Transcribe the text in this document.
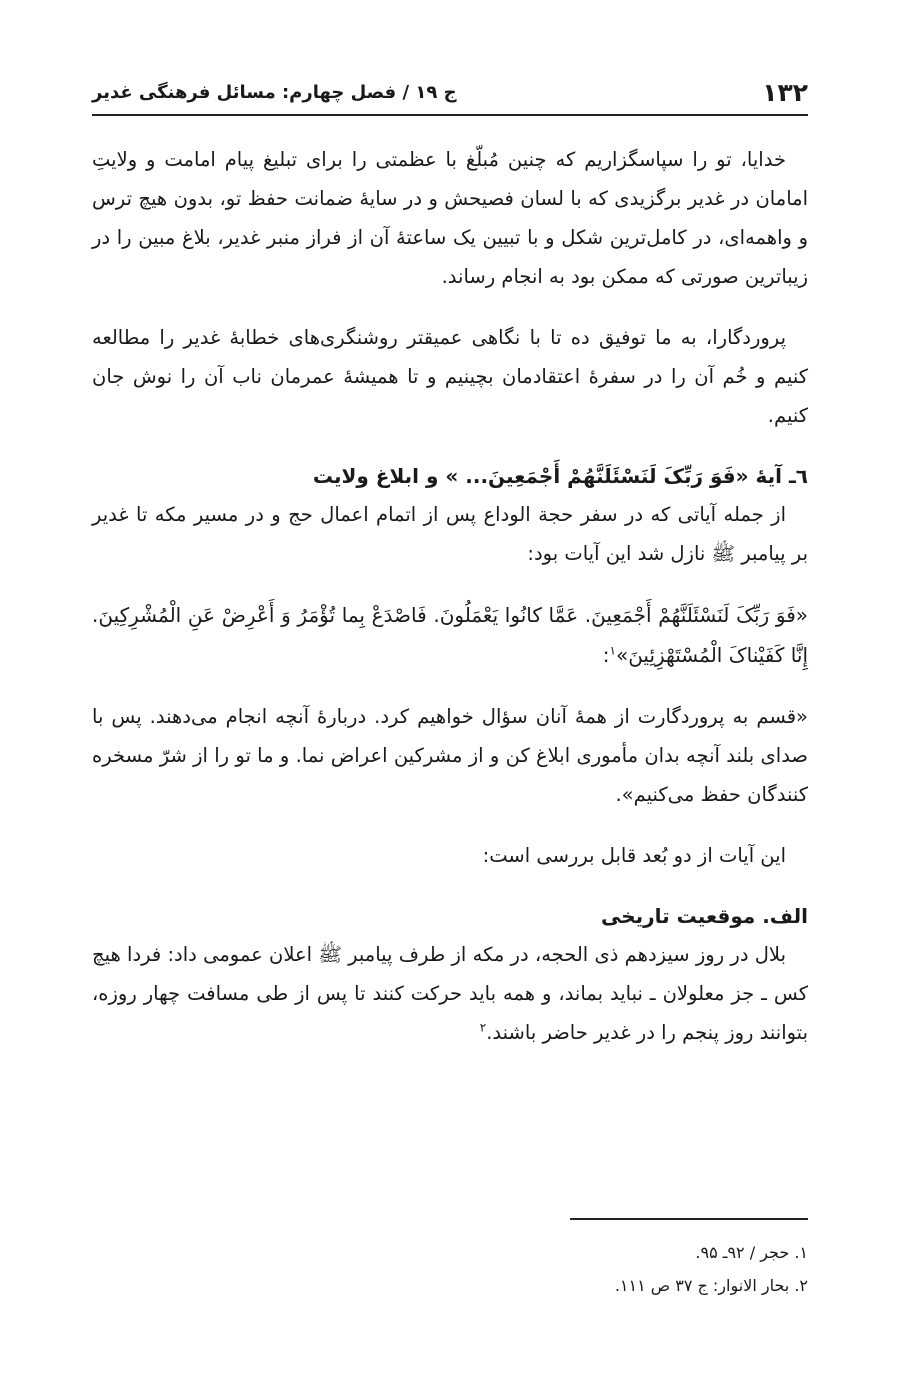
۱۳۲
ج ۱۹ / فصل چهارم: مسائل فرهنگی غدیر

خدایا، تو را سپاسگزاریم که چنین مُبلّغ با عظمتی را برای تبلیغ پیام امامت و ولایتِ امامان در غدیر برگزیدی که با لسان فصیحش و در سایهٔ ضمانت حفظ تو، بدون هیچ ترس و واهمه‌ای، در کامل‌ترین شکل و با تبیین یک ساعتهٔ آن از فراز منبر غدیر، بلاغ مبین را در زیباترین صورتی که ممکن بود به انجام رساند.

پروردگارا، به ما توفیق ده تا با نگاهی عمیقتر روشنگری‌های خطابهٔ غدیر را مطالعه کنیم و خُم آن را در سفرهٔ اعتقادمان بچینیم و تا همیشهٔ عمرمان ناب آن را نوش جان کنیم.

٦ـ آیهٔ «فَوَ رَبِّکَ لَنَسْئَلَنَّهُمْ أَجْمَعِینَ... » و ابلاغ ولایت

از جمله آیاتی که در سفر حجة الوداع پس از اتمام اعمال حج و در مسیر مکه تا غدیر بر پیامبر ﷺ نازل شد این آیات بود:

«فَوَ رَبِّکَ لَنَسْئَلَنَّهُمْ أَجْمَعِینَ. عَمَّا کانُوا یَعْمَلُونَ. فَاصْدَعْ بِما تُؤْمَرُ وَ أَعْرِضْ عَنِ الْمُشْرِکِینَ. إِنَّا کَفَیْناکَ الْمُسْتَهْزِئِینَ»$^۱$:

«قسم به پروردگارت از همهٔ آنان سؤال خواهیم کرد. دربارهٔ آنچه انجام می‌دهند. پس با صدای بلند آنچه بدان مأموری ابلاغ کن و از مشرکین اعراض نما. و ما تو را از شرّ مسخره کنندگان حفظ می‌کنیم».

این آیات از دو بُعد قابل بررسی است:

الف. موقعیت تاریخی

بلال در روز سیزدهم ذی الحجه، در مکه از طرف پیامبر ﷺ اعلان عمومی داد: فردا هیچ کس ـ جز معلولان ـ نباید بماند، و همه باید حرکت کنند تا پس از طی مسافت چهار روزه، بتوانند روز پنجم را در غدیر حاضر باشند.$^۲$

۱. حجر / ۹۲ـ ۹۵.

۲. بحار الانوار: ج ۳۷ ص ۱۱۱.
